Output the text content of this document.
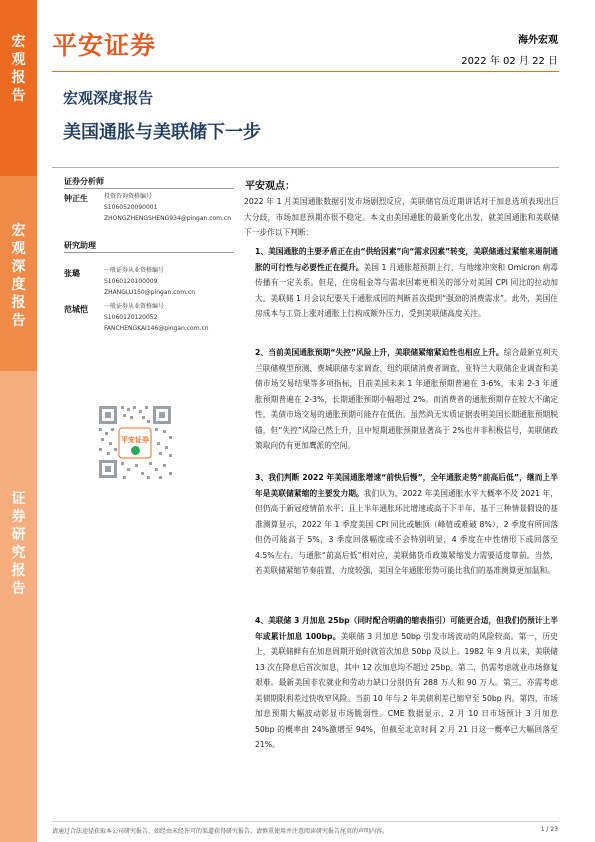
宏
观
报
告
宏
观
深
度
报
告
证
券
研
究
报
告
平安证券	海外宏观
2022 年 02 月 22 日
宏观深度报告
美国通胀与美联储下一步
证券分析师
钟正生	投资咨询资格编号
S1060520090001
ZHONGZHENGSHENG934@pingan.com.cn
研究助理
张璐	一般证券从业资格编号
S1060120100009
ZHANGLU150@pingan.com.cn
范城恺	一般证券从业资格编号
S1060120120052
FANCHENGKAI146@pingan.com.cn
平安证券
平安观点：
2022 年 1 月美国通胀数据引发市场剧烈反应，美联储官员近期讲话对于加息选项表现出巨大分歧，市场加息预期亦很不稳定。本文由美国通胀的最新变化出发，就美国通胀和美联储下一步作以下判断：
1、美国通胀的主要矛盾正在由“供给因素”向“需求因素”转变，美联储通过紧缩来遏制通胀的可行性与必要性正在提升。美国 1 月通胀超预期上行，与地缘冲突和 Omicron 病毒传播有一定关系。但是，住房租金等与需求因素更相关的部分对美国 CPI 同比的拉动加大。美联储 1 月会议纪要关于通胀成因的判断首次提到“强劲的消费需求”。此外，美国住房成本与工资上涨对通胀上行构成额外压力，受到美联储高度关注。
2、当前美国通胀预期“失控”风险上升，美联储紧缩紧迫性也相应上升。综合最新克利夫兰联储模型预测、费城联储专家调查、纽约联储消费者调查、亚特兰大联储企业调查和美债市场交易结果等多项指标，目前美国未来 1 年通胀预期普遍在 3-6%，未来 2-3 年通胀预期普遍在 2-3%，长期通胀预期小幅超过 2%。而消费者的通胀预期存在较大不确定性，美债市场交易的通胀预期可能存在低估。虽然尚无实质证据表明美国长期通胀预期脱锚，但“失控”风险已然上升，且中短期通胀预期显著高于 2%也并非积极信号，美联储政策取向仍有更加鹰派的空间。
3、我们判断 2022 年美国通胀增速“前快后慢”，全年通胀走势“前高后低”，继而上半年是美联储紧缩的主要发力期。我们认为，2022 年美国通胀水平大概率不及 2021 年，但仍高于新冠疫情前水平；且上半年通胀环比增速或高于下半年。基于三种情景假设的基准测算显示，2022 年 1 季度美国 CPI 同比或触顶（峰值或难破 8%），2 季度有所回落但仍可能高于 5%，3 季度回落幅度或不会特别明显，4 季度在中性情形下或回落至 4.5%左右。与通胀“前高后低”相对应，美联储货币政策紧缩发力需要适度靠前。当然，若美联储紧缩节奏前置、力度较强，美国全年通胀形势可能比我们的基准测算更加温和。
4、美联储 3 月加息 25bp（同时配合明确的缩表指引）可能更合适，但我们仍预计上半年或累计加息 100bp。美联储 3 月加息 50bp 引发市场波动的风险较高。第一，历史上，美联储鲜有在加息周期开始时就首次加息 50bp 及以上。1982 年 9 月以来，美联储 13 次在降息后首次加息，其中 12 次加息均不超过 25bp。第二，仍需考虑就业市场修复艰难。最新美国非农就业和劳动力缺口分别仍有 288 万人和 90 万人。第三，亦需考虑美债期限利差过快收窄风险。当前 10 年与 2 年美债利差已缩窄至 50bp 内。第四，市场加息预期大幅波动彰显市场脆弱性。CME 数据显示，2 月 10 日市场预计 3 月加息 50bp 的概率由 24%激增至 94%，但截至北京时间 2 月 21 日这一概率已大幅回落至 21%。
请通过合法途径获取本公司研究报告，如经由未经许可的渠道获得研究报告，请慎重使用并注意阅读研究报告尾页的声明内容。	1 / 23
